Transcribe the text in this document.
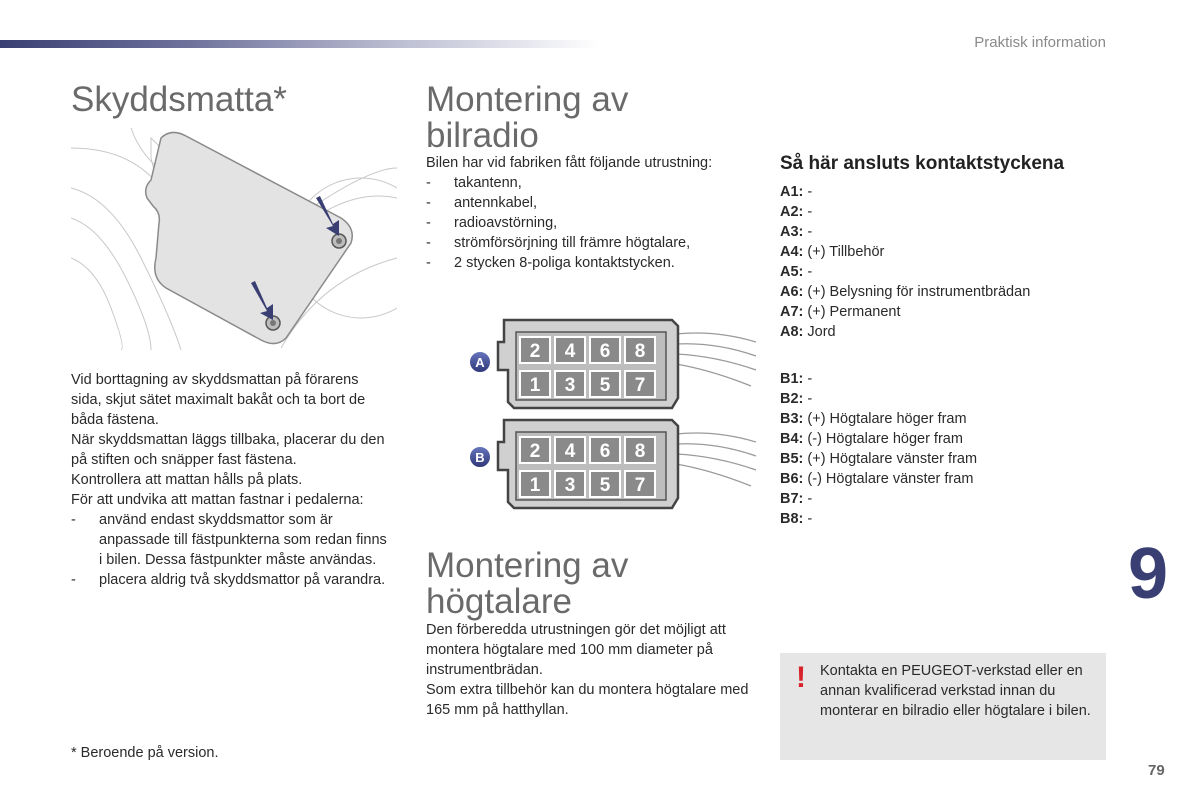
Praktisk information
Skyddsmatta*

Vid borttagning av skyddsmattan på förarens sida, skjut sätet maximalt bakåt och ta bort de båda fästena.

När skyddsmattan läggs tillbaka, placerar du den på stiften och snäpper fast fästena.

Kontrollera att mattan hålls på plats.

För att undvika att mattan fastnar i pedalerna:

- använd endast skyddsmattor som är anpassade till fästpunkterna som redan finns i bilen. Dessa fästpunkter måste användas.
- placera aldrig två skyddsmattor på varandra.
* Beroende på version.
Montering av
bilradio

Bilen har vid fabriken fått följande utrustning:

- takantenn,
- antennkabel,
- radioavstörning,
- strömförsörjning till främre högtalare,
- 2 stycken 8-poliga kontaktstycken.
2 4 6 8
1 3 5 7
2 4 6 8
1 3 5 7
A
B
Montering av
högtalare

Den förberedda utrustningen gör det möjligt att montera högtalare med 100 mm diameter på instrumentbrädan.

Som extra tillbehör kan du montera högtalare med 165 mm på hatthyllan.

Så här ansluts kontaktstyckena
A1: -
A2: -
A3: -
A4: (+) Tillbehör
A5: -
A6: (+) Belysning för instrumentbrädan
A7: (+) Permanent
A8: Jord
B1: -
B2: -
B3: (+) Högtalare höger fram
B4: (-) Högtalare höger fram
B5: (+) Högtalare vänster fram
B6: (-) Högtalare vänster fram
B7: -
B8: -
9
! Kontakta en PEUGEOT-verkstad eller en annan kvalificerad verkstad innan du monterar en bilradio eller högtalare i bilen.
79
